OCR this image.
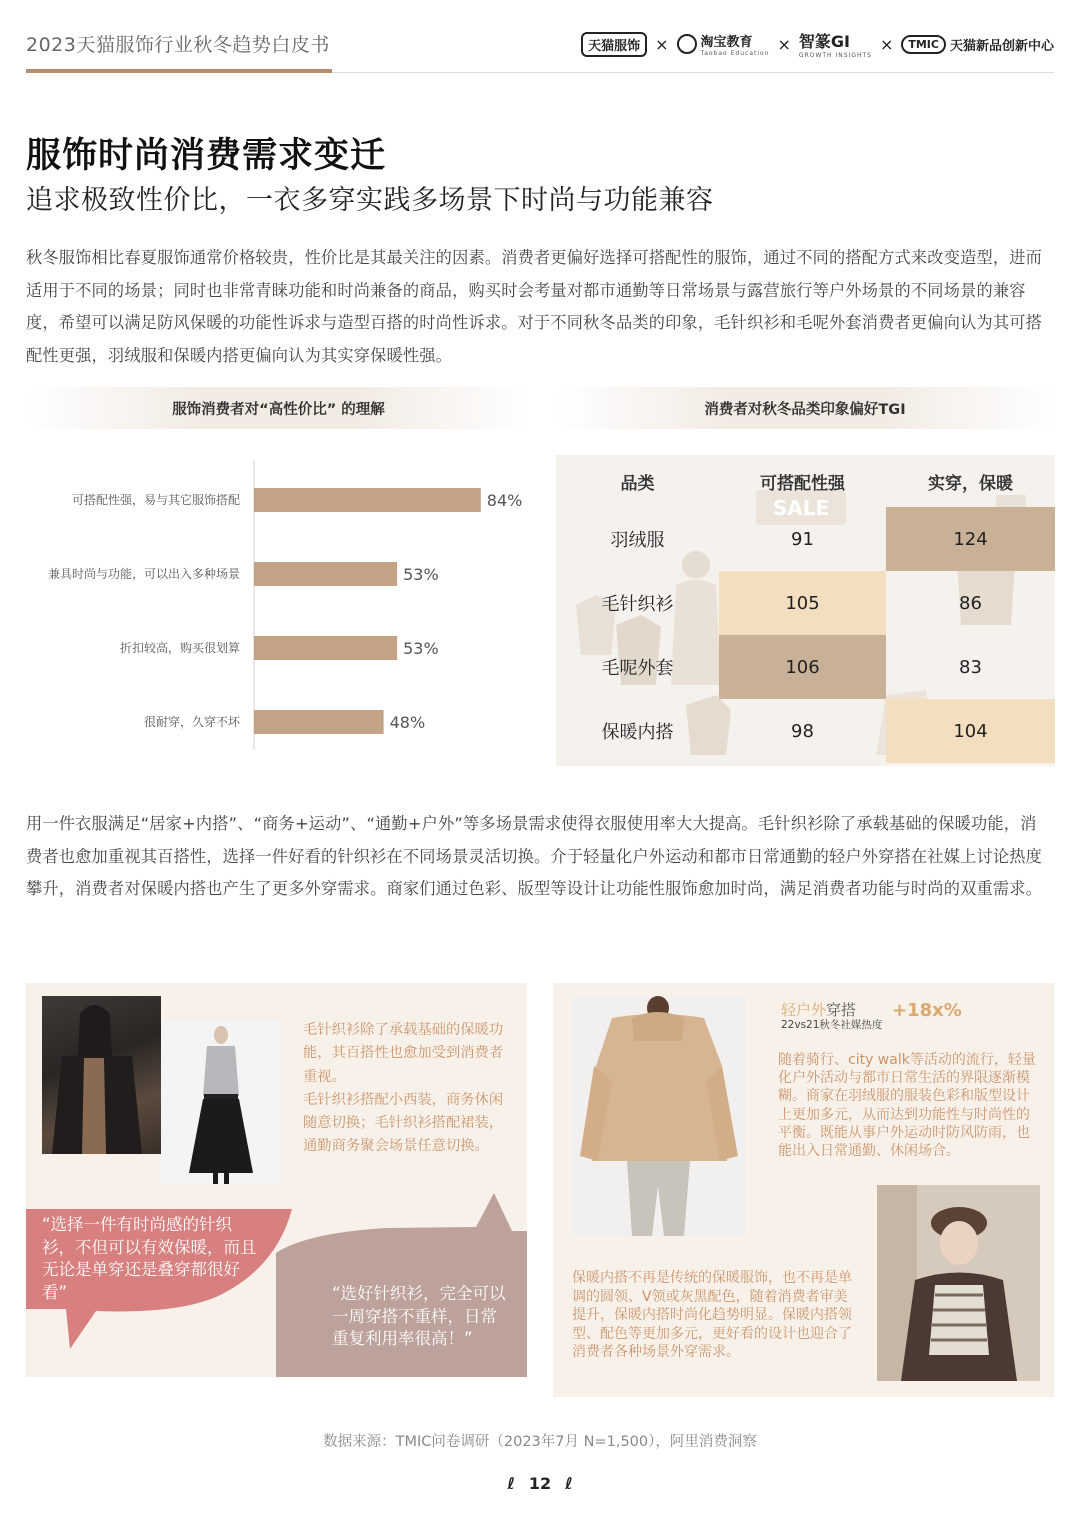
2023天猫服饰行业秋冬趋势白皮书	天猫服饰 × 淘宝教育
Taobao Education × 智篆GI
GROWTH INSIGHTS
×	TMIC 天猫新品创新中心
服饰时尚消费需求变迁
追求极致性价比，一衣多穿实践多场景下时尚与功能兼容
秋冬服饰相比春夏服饰通常价格较贵，性价比是其最关注的因素。消费者更偏好选择可搭配性的服饰，通过不同的搭配方式来改变造型，进而适用于不同的场景；同时也非常青睐功能和时尚兼备的商品，购买时会考量对都市通勤等日常场景与露营旅行等户外场景的不同场景的兼容度，希望可以满足防风保暖的功能性诉求与造型百搭的时尚性诉求。对于不同秋冬品类的印象，毛针织衫和毛呢外套消费者更偏向认为其可搭配性更强，羽绒服和保暖内搭更偏向认为其实穿保暖性强。
服饰消费者对“高性价比” 的理解	消费者对秋冬品类印象偏好TGI
可搭配性强，易与其它服饰搭配	84%
兼具时尚与功能，可以出入多种场景	53%
折扣较高，购买很划算	53%
很耐穿，久穿不坏	48%
SALE
品类	可搭配性强	实穿，保暖
羽绒服	91	124
毛针织衫	105	86
毛呢外套	106	83
保暖内搭	98	104
用一件衣服满足“居家+内搭”、“商务+运动”、“通勤+户外”等多场景需求使得衣服使用率大大提高。毛针织衫除了承载基础的保暖功能，消费者也愈加重视其百搭性，选择一件好看的针织衫在不同场景灵活切换。介于轻量化户外运动和都市日常通勤的轻户外穿搭在社媒上讨论热度攀升，消费者对保暖内搭也产生了更多外穿需求。商家们通过色彩、版型等设计让功能性服饰愈加时尚，满足消费者功能与时尚的双重需求。
毛针织衫除了承载基础的保暖功能，其百搭性也愈加受到消费者重视。
毛针织衫搭配小西装，商务休闲随意切换；毛针织衫搭配裙装，通勤商务聚会场景任意切换。
“选择一件有时尚感的针织衫，不但可以有效保暖，而且无论是单穿还是叠穿都很好看”	“选好针织衫，完全可以一周穿搭不重样，日常重复利用率很高！”
轻户外穿搭
22vs21秋冬社媒热度
+18x%
随着骑行、city walk等活动的流行，轻量化户外活动与都市日常生活的界限逐渐模糊。商家在羽绒服的服装色彩和版型设计上更加多元，从而达到功能性与时尚性的平衡。既能从事户外运动时防风防雨，也能出入日常通勤、休闲场合。
保暖内搭不再是传统的保暖服饰，也不再是单调的圆领、V领或灰黑配色，随着消费者审美提升，保暖内搭时尚化趋势明显。保暖内搭领型、配色等更加多元，更好看的设计也迎合了消费者各种场景外穿需求。
数据来源：TMIC问卷调研（2023年7月 N=1,500），阿里消费洞察
ℓ 12 ℓ
